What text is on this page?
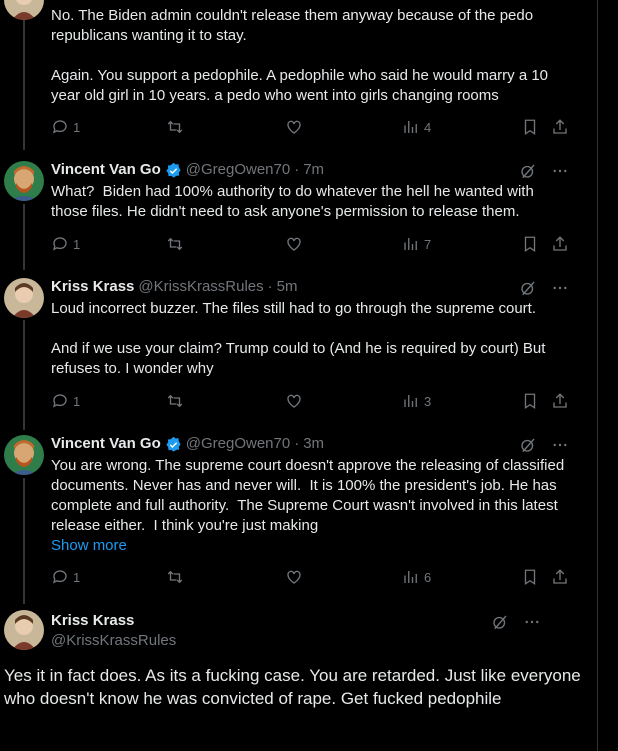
No. The Biden admin couldn't release them anyway because of the pedo republicans wanting it to stay.

Again. You support a pedophile. A pedophile who said he would marry a 10 year old girl in 10 years. a pedo who went into girls changing rooms
1	4
Vincent Van Go @GregOwen70 · 7m
What?  Biden had 100% authority to do whatever the hell he wanted with those files. He didn't need to ask anyone's permission to release them.
1	7
Kriss Krass @KrissKrassRules · 5m
Loud incorrect buzzer. The files still had to go through the supreme court.

And if we use your claim? Trump could to (And he is required by court) But refuses to. I wonder why
1	3
Vincent Van Go @GregOwen70 · 3m
You are wrong. The supreme court doesn't approve the releasing of classified documents. Never has and never will.  It is 100% the president's job. He has complete and full authority.  The Supreme Court wasn't involved in this latest release either.  I think you're just making
Show more
1	6
Kriss Krass
@KrissKrassRules
Yes it in fact does. As its a fucking case. You are retarded. Just like everyone who doesn't know he was convicted of rape. Get fucked pedophile
